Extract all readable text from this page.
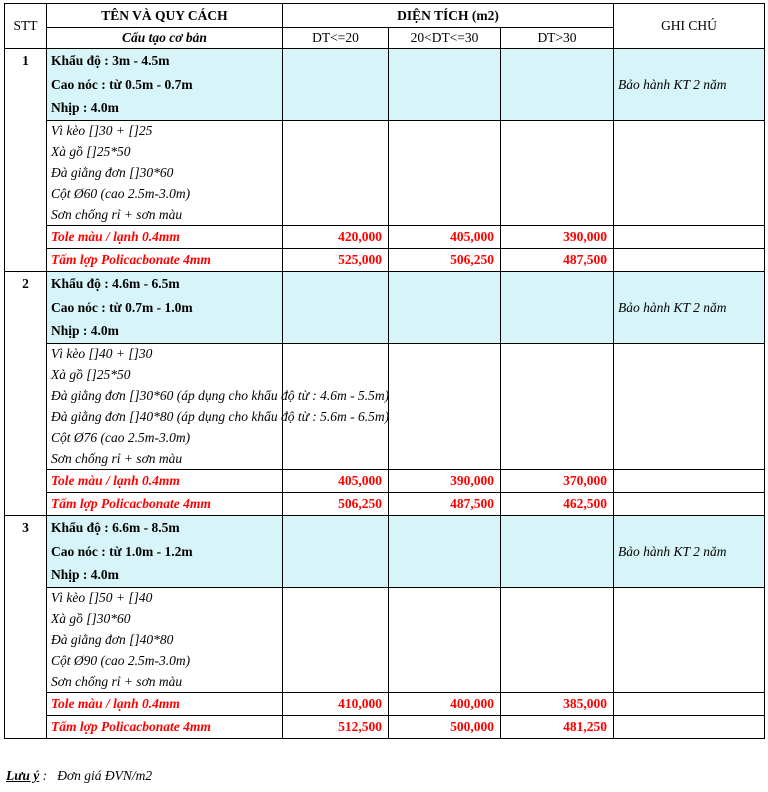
STT	TÊN VÀ QUY CÁCH	DIỆN TÍCH (m2)			GHI CHÚ
	Cấu tạo cơ bản	DT<=20	20<DT<=30	DT>30	
1	Khẩu độ : 3m - 4.5m				Bảo hành KT 2 năm
	Cao nóc : từ 0.5m - 0.7m				
	Nhịp : 4.0m				
	Vì kèo []30 + []25				
	Xà gồ []25*50				
	Đà giằng đơn []30*60				
	Cột Ø60 (cao 2.5m-3.0m)				
	Sơn chống rỉ + sơn màu				
	Tole màu / lạnh 0.4mm	420,000	405,000	390,000	
	Tấm lợp Policacbonate 4mm	525,000	506,250	487,500	
2	Khẩu độ : 4.6m - 6.5m				Bảo hành KT 2 năm
	Cao nóc : từ 0.7m - 1.0m				
	Nhịp : 4.0m				
	Vì kèo []40 + []30				
	Xà gồ []25*50				
	Đà giằng đơn []30*60 (áp dụng cho khẩu độ từ : 4.6m - 5.5m)				
	Đà giằng đơn []40*80 (áp dụng cho khẩu độ từ : 5.6m - 6.5m)				
	Cột Ø76 (cao 2.5m-3.0m)				
	Sơn chống rỉ + sơn màu				
	Tole màu / lạnh 0.4mm	405,000	390,000	370,000	
	Tấm lợp Policacbonate 4mm	506,250	487,500	462,500	
3	Khẩu độ : 6.6m - 8.5m				Bảo hành KT 2 năm
	Cao nóc : từ 1.0m - 1.2m				
	Nhịp : 4.0m				
	Vì kèo []50 + []40				
	Xà gồ []30*60				
	Đà giằng đơn []40*80				
	Cột Ø90 (cao 2.5m-3.0m)				
	Sơn chống rỉ + sơn màu				
	Tole màu / lạnh 0.4mm	410,000	400,000	385,000	
	Tấm lợp Policacbonate 4mm	512,500	500,000	481,250	
Lưu ý :   Đơn giá ĐVN/m2
